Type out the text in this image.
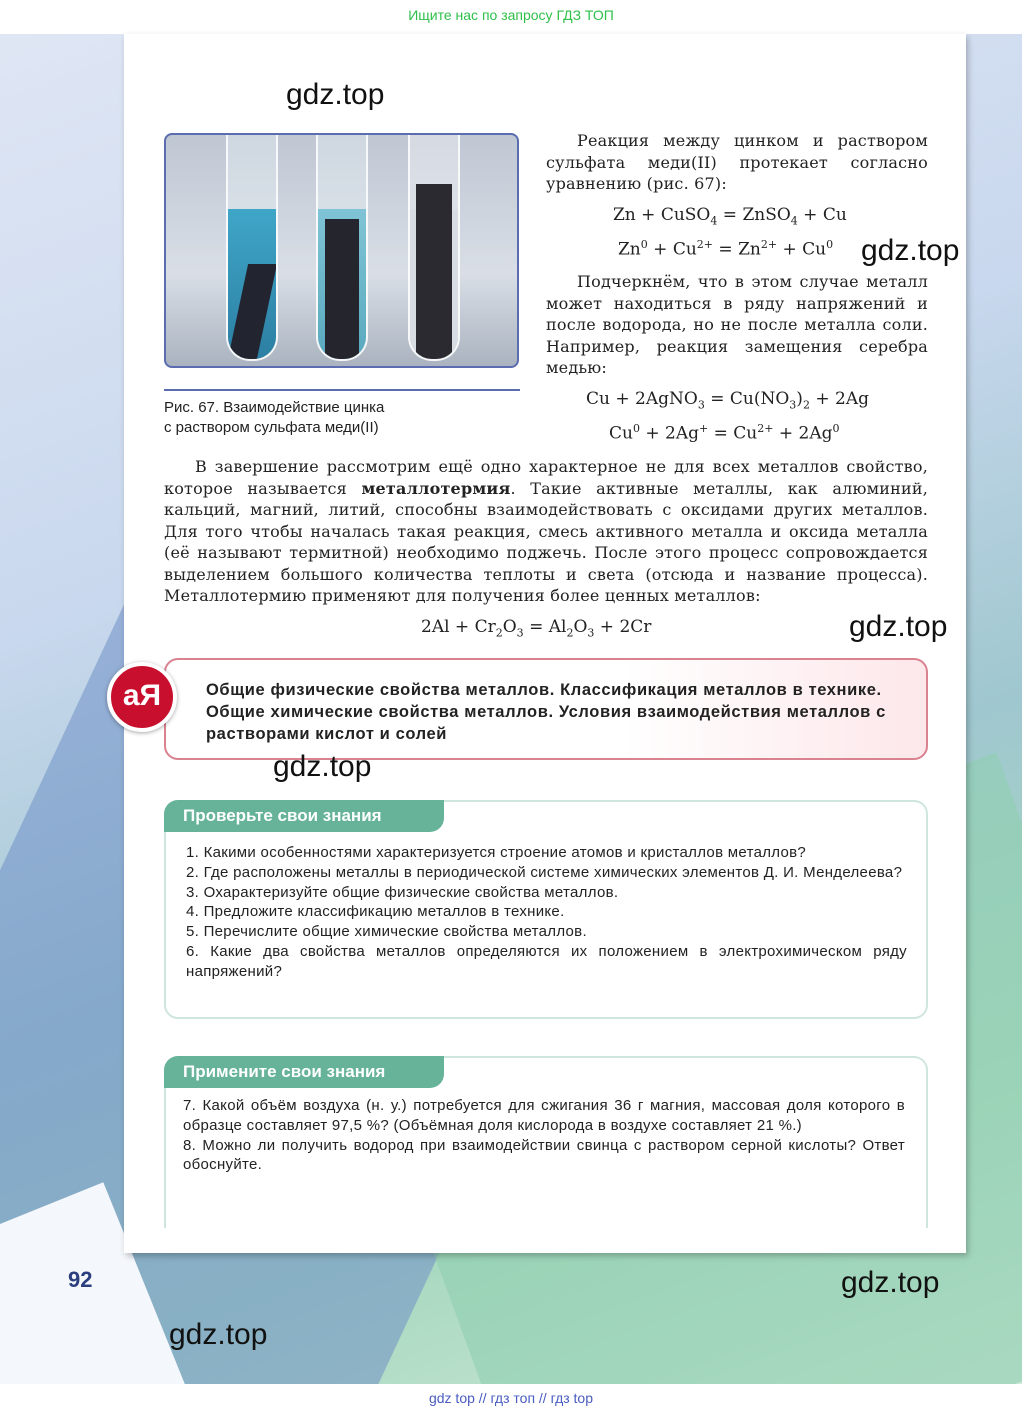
Ищите нас по запросу ГДЗ ТОП
gdz.top
Рис. 67. Взаимодействие цинка
с раствором сульфата меди(II)
Реакция между цинком и раствором сульфата меди(II) протекает согласно уравнению (рис. 67):
Zn + CuSO$_4$ = ZnSO$_4$ + Cu
$Zn^0 + Cu^{2+} = Zn^{2+} + Cu^0$ gdz.top
Подчеркнём, что в этом случае металл может находиться в ряду напряжений и после водорода, но не после металла соли. Например, реакция замещения серебра медью:
Cu + 2AgNO$_3$ = $Cu(NO_3)_2 + 2Ag$
$Cu^0 + 2Ag^+ = Cu^{2+} + 2Ag^0$
В завершение рассмотрим ещё одно характерное не для всех металлов свойство, которое называется металлотермия. Такие активные металлы, как алюминий, кальций, магний, литий, способны взаимодействовать с оксидами других металлов. Для того чтобы началась такая реакция, смесь активного металла и оксида металла (её называют термитной) необходимо поджечь. После этого процесс сопровождается выделением большого количества теплоты и света (отсюда и название процесса). Металлотермию применяют для получения более ценных металлов:
$2Al + Cr_2O_3 = Al_2O_3 + 2Cr$	gdz.top
аЯ	Общие физические свойства металлов. Классификация металлов в технике. Общие химические свойства металлов. Условия взаимодействия металлов с растворами кислот и солей
gdz.top
Проверьте свои знания
1. Какими особенностями характеризуется строение атомов и кристаллов металлов?
2. Где расположены металлы в периодической системе химических элементов Д. И. Менделеева?
3. Охарактеризуйте общие физические свойства металлов.
4. Предложите классификацию металлов в технике.
5. Перечислите общие химические свойства металлов.
6. Какие два свойства металлов определяются их положением в электрохимическом ряду напряжений?
Примените свои знания
7. Какой объём воздуха (н. у.) потребуется для сжигания 36 г магния, массовая доля которого в образце составляет 97,5 %? (Объёмная доля кислорода в воздухе составляет 21 %.)
8. Можно ли получить водород при взаимодействии свинца с раствором серной кислоты? Ответ обоснуйте.
92	gdz.top
gdz.top
gdz top // гдз топ // гдз top
